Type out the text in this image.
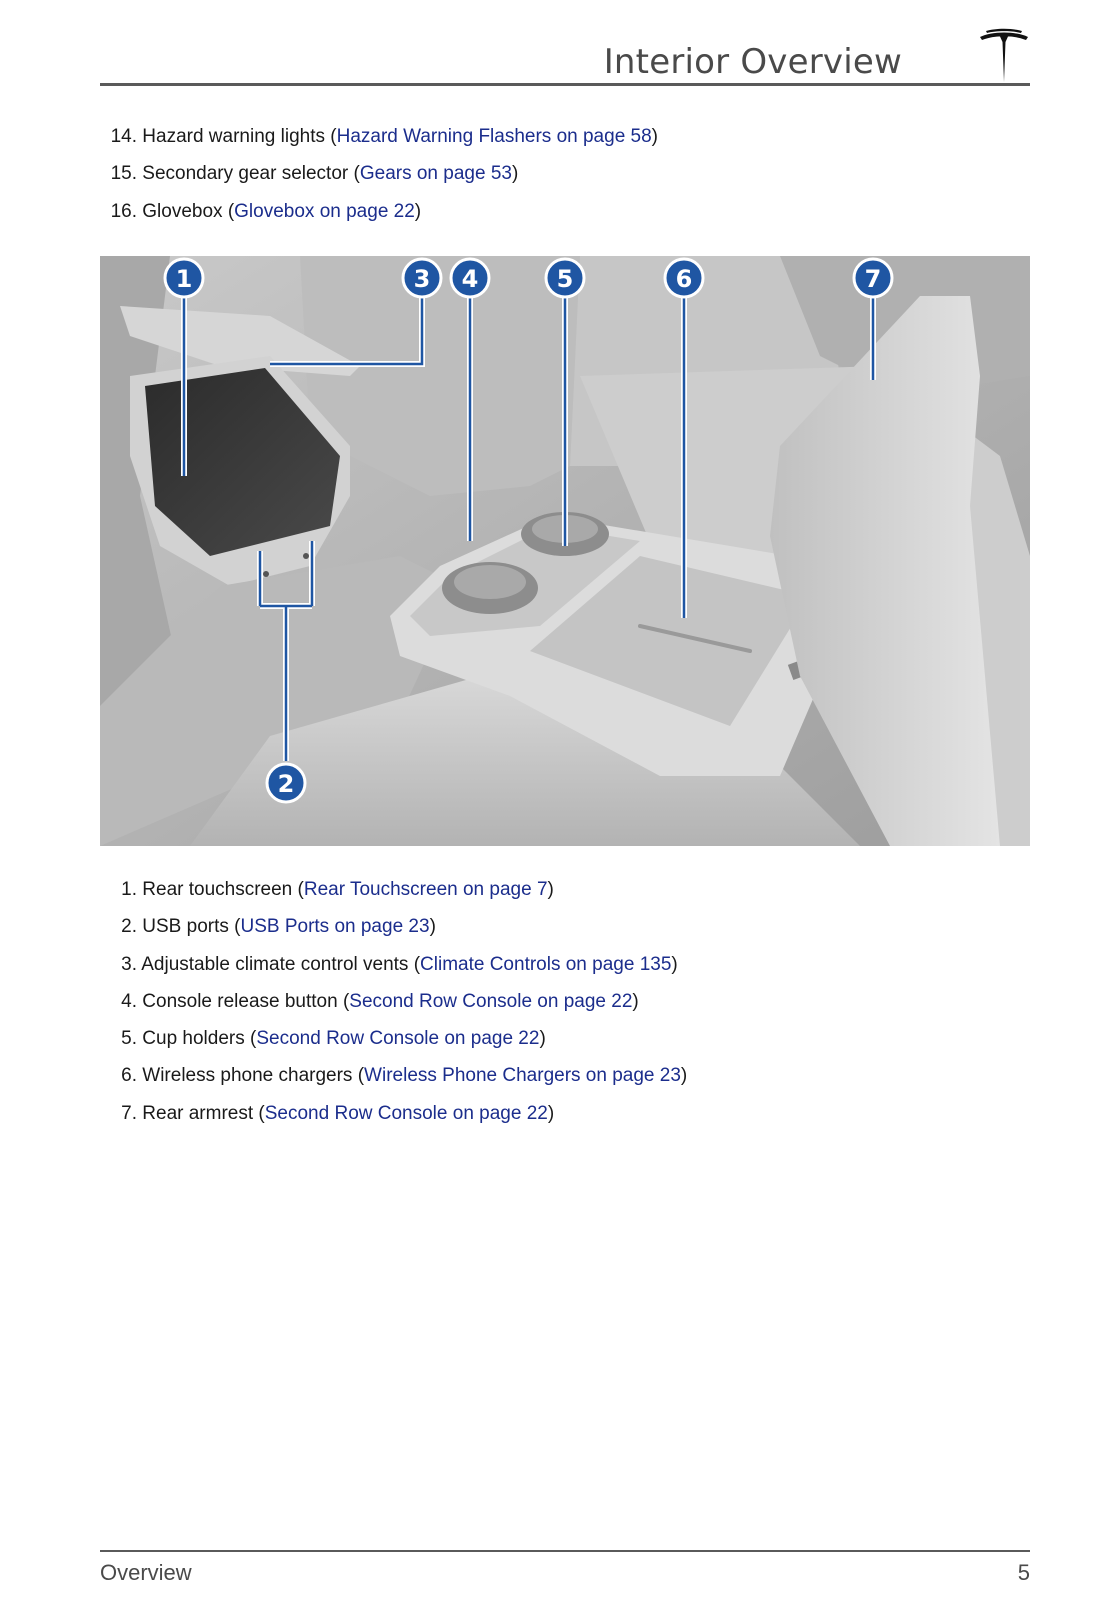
Interior Overview
14. Hazard warning lights (Hazard Warning Flashers on page 58)
15. Secondary gear selector (Gears on page 53)
16. Glovebox (Glovebox on page 22)
1
2
3 4	5	6	7
1. Rear touchscreen (Rear Touchscreen on page 7)
2. USB ports (USB Ports on page 23)
3. Adjustable climate control vents (Climate Controls on page 135)
4. Console release button (Second Row Console on page 22)
5. Cup holders (Second Row Console on page 22)
6. Wireless phone chargers (Wireless Phone Chargers on page 23)
7. Rear armrest (Second Row Console on page 22)
Overview	5
